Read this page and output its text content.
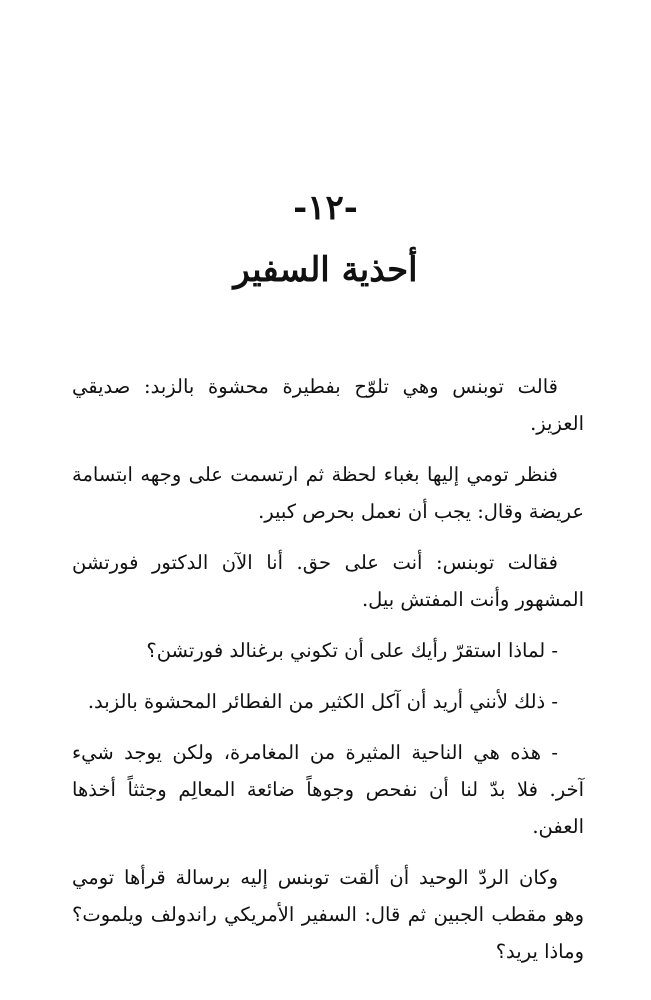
-١٢-
أحذية السفير

قالت توبنس وهي تلوّح بفطيرة محشوة بالزبد: صديقي العزيز.

فنظر تومي إليها بغباء لحظة ثم ارتسمت على وجهه ابتسامة عريضة وقال: يجب أن نعمل بحرص كبير.

فقالت توبنس: أنت على حق. أنا الآن الدكتور فورتشن المشهور وأنت المفتش بيل.

- لماذا استقرّ رأيك على أن تكوني برغنالد فورتشن؟

- ذلك لأنني أريد أن آكل الكثير من الفطائر المحشوة بالزبد.

- هذه هي الناحية المثيرة من المغامرة، ولكن يوجد شيء آخر. فلا بدّ لنا أن نفحص وجوهاً ضائعة المعالِم وجثثاً أخذها العفن.

وكان الردّ الوحيد أن ألقت توبنس إليه برسالة قرأها تومي وهو مقطب الجبين ثم قال: السفير الأمريكي راندولف ويلموت؟ وماذا يريد؟
